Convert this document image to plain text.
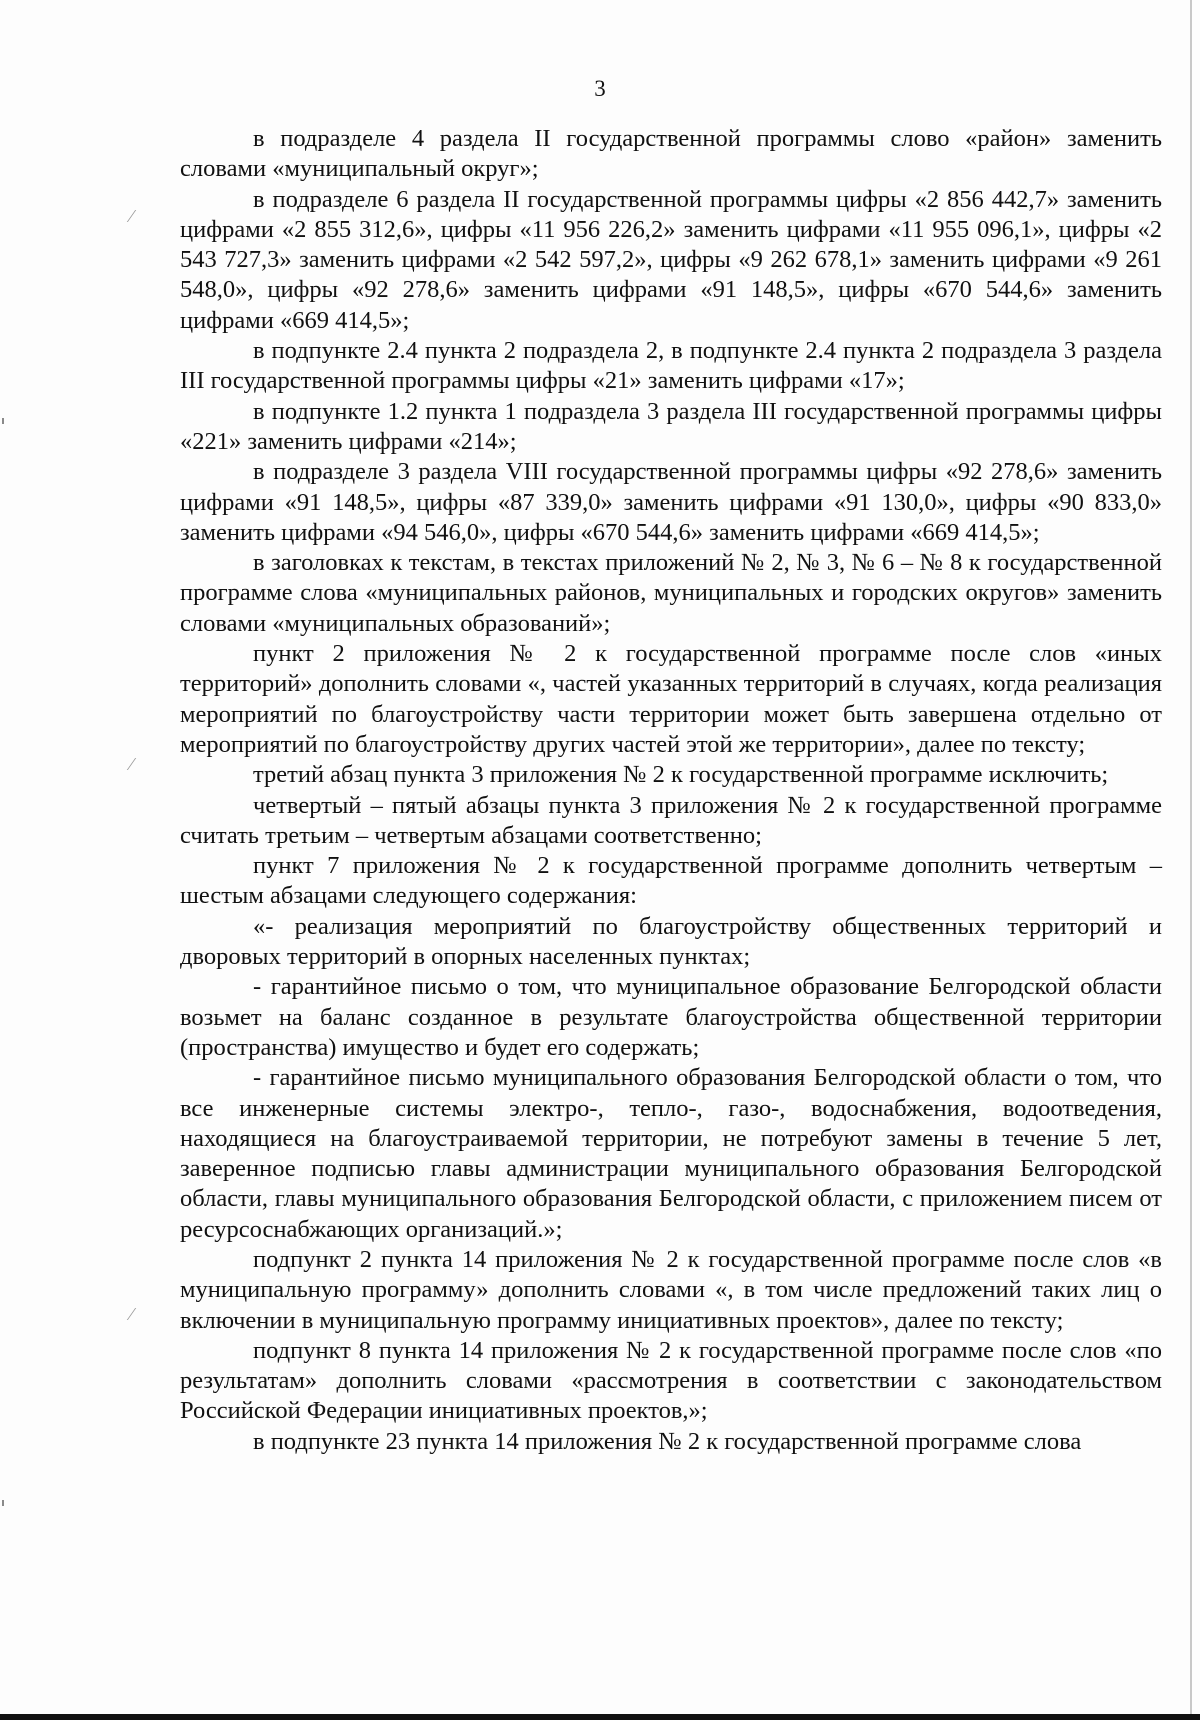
3

в подразделе 4 раздела II государственной программы слово «район» заменить словами «муниципальный округ»;

в подразделе 6 раздела II государственной программы цифры «2 856 442,7» заменить цифрами «2 855 312,6», цифры «11 956 226,2» заменить цифрами «11 955 096,1», цифры «2 543 727,3» заменить цифрами «2 542 597,2», цифры «9 262 678,1» заменить цифрами «9 261 548,0», цифры «92 278,6» заменить цифрами «91 148,5», цифры «670 544,6» заменить цифрами «669 414,5»;

в подпункте 2.4 пункта 2 подраздела 2, в подпункте 2.4 пункта 2 подраздела 3 раздела III государственной программы цифры «21» заменить цифрами «17»;

в подпункте 1.2 пункта 1 подраздела 3 раздела III государственной программы цифры «221» заменить цифрами «214»;

в подразделе 3 раздела VIII государственной программы цифры «92 278,6» заменить цифрами «91 148,5», цифры «87 339,0» заменить цифрами «91 130,0», цифры «90 833,0» заменить цифрами «94 546,0», цифры «670 544,6» заменить цифрами «669 414,5»;

в заголовках к текстам, в текстах приложений № 2, № 3, № 6 – № 8 к государственной программе слова «муниципальных районов, муниципальных и городских округов» заменить словами «муниципальных образований»;

пункт 2 приложения № 2 к государственной программе после слов «иных территорий» дополнить словами «, частей указанных территорий в случаях, когда реализация мероприятий по благоустройству части территории может быть завершена отдельно от мероприятий по благоустройству других частей этой же территории», далее по тексту;

третий абзац пункта 3 приложения № 2 к государственной программе исключить;

четвертый – пятый абзацы пункта 3 приложения № 2 к государственной программе считать третьим – четвертым абзацами соответственно;

пункт 7 приложения № 2 к государственной программе дополнить четвертым – шестым абзацами следующего содержания:

«- реализация мероприятий по благоустройству общественных территорий и дворовых территорий в опорных населенных пунктах;

- гарантийное письмо о том, что муниципальное образование Белгородской области возьмет на баланс созданное в результате благоустройства общественной территории (пространства) имущество и будет его содержать;

- гарантийное письмо муниципального образования Белгородской области о том, что все инженерные системы электро-, тепло-, газо-, водоснабжения, водоотведения, находящиеся на благоустраиваемой территории, не потребуют замены в течение 5 лет, заверенное подписью главы администрации муниципального образования Белгородской области, главы муниципального образования Белгородской области, с приложением писем от ресурсоснабжающих организаций.»;

подпункт 2 пункта 14 приложения № 2 к государственной программе после слов «в муниципальную программу» дополнить словами «, в том числе предложений таких лиц о включении в муниципальную программу инициативных проектов», далее по тексту;

подпункт 8 пункта 14 приложения № 2 к государственной программе после слов «по результатам» дополнить словами «рассмотрения в соответствии с законодательством Российской Федерации инициативных проектов,»;

в подпункте 23 пункта 14 приложения № 2 к государственной программе слова
